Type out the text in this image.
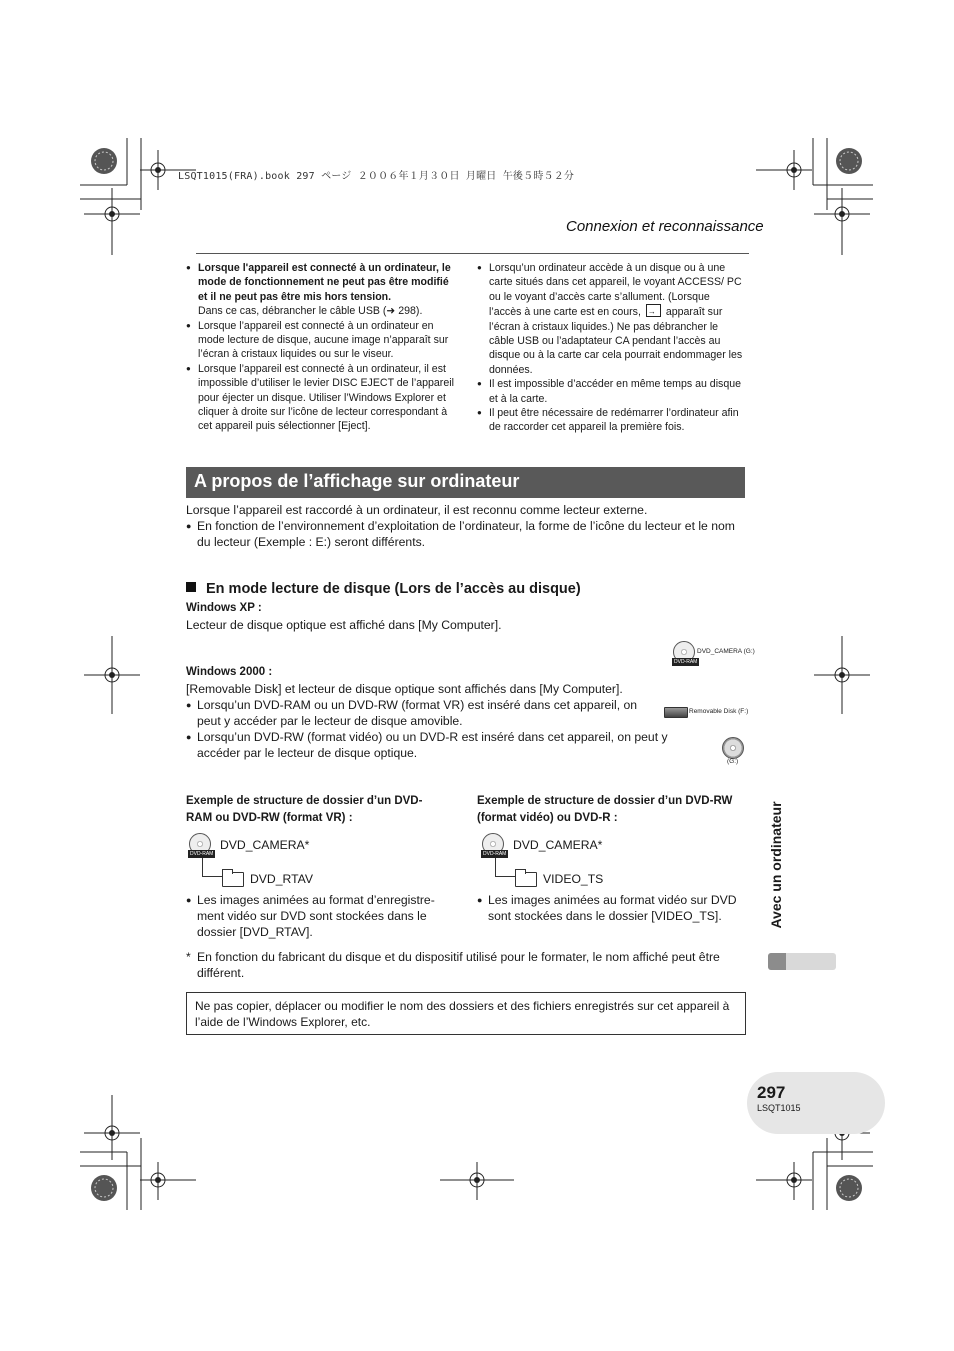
LSQT1015(FRA).book 297 ページ ２００６年１月３０日 月曜日 午後５時５２分
Connexion et reconnaissance
● Lorsque l'appareil est connecté à un ordinateur, le mode de fonctionnement ne peut pas être modifié et il ne peut pas être mis hors tension.
Dans ce cas, débrancher le câble USB (➜ 298).
● Lorsque l’appareil est connecté à un ordinateur en mode lecture de disque, aucune image n’apparaît sur l’écran à cristaux liquides ou sur le viseur.
● Lorsque l’appareil est connecté à un ordinateur, il est impossible d’utiliser le levier DISC EJECT de l’appareil pour éjecter un disque. Utiliser l’Windows Explorer et cliquer à droite sur l’icône de lecteur correspondant à cet appareil puis sélectionner [Eject].
● Lorsqu’un ordinateur accède à un disque ou à une carte situés dans cet appareil, le voyant ACCESS/ PC ou le voyant d’accès carte s’allument. (Lorsque l’accès à une carte est en cours, → apparaît sur l’écran à cristaux liquides.) Ne pas débrancher le câble USB ou l’adaptateur CA pendant l’accès au disque ou à la carte car cela pourrait endommager les données.
● Il est impossible d’accéder en même temps au disque et à la carte.
● Il peut être nécessaire de redémarrer l’ordinateur afin de raccorder cet appareil la première fois.
A propos de l’affichage sur ordinateur
Lorsque l’appareil est raccordé à un ordinateur, il est reconnu comme lecteur externe.
● En fonction de l’environnement d’exploitation de l’ordinateur, la forme de l’icône du lecteur et le nom du lecteur (Exemple : E:) seront différents.
En mode lecture de disque (Lors de l’accès au disque)
Windows XP :
Lecteur de disque optique est affiché dans [My Computer].
DVD-RAM
DVD_CAMERA (G:)
Windows 2000 :
[Removable Disk] et lecteur de disque optique sont affichés dans [My Computer].
● Lorsqu’un DVD-RAM ou un DVD-RW (format VR) est inséré dans cet appareil, on peut y accéder par le lecteur de disque amovible.
● Lorsqu’un DVD-RW (format vidéo) ou un DVD-R est inséré dans cet appareil, on peut y accéder par le lecteur de disque optique.
Removable Disk (F:)
(G:)
Exemple de structure de dossier d’un DVD-RAM ou DVD-RW (format VR) :
DVD-RAM
DVD_CAMERA*
DVD_RTAV
● Les images animées au format d’enregistre-ment vidéo sur DVD sont stockées dans le dossier [DVD_RTAV].
Exemple de structure de dossier d’un DVD-RW (format vidéo) ou DVD-R :
DVD-RAM
DVD_CAMERA*
VIDEO_TS
● Les images animées au format vidéo sur DVD sont stockées dans le dossier [VIDEO_TS].
* En fonction du fabricant du disque et du dispositif utilisé pour le formater, le nom affiché peut être différent.
Ne pas copier, déplacer ou modifier le nom des dossiers et des fichiers enregistrés sur cet appareil à l’aide de l’Windows Explorer, etc.
Avec un ordinateur
297
LSQT1015
